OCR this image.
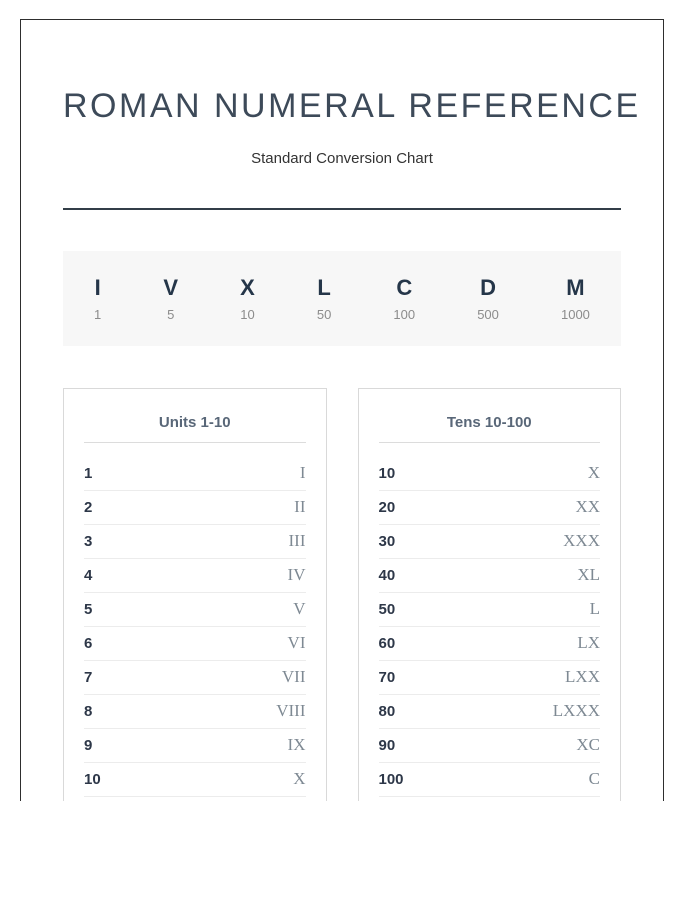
ROMAN NUMERAL REFERENCE
Standard Conversion Chart
I
1
V
5
X
10
L
50
C
100
D
500
M
1000
Units 1-10
1	I
2	II
3	III
4	IV
5	V
6	VI
7	VII
8	VIII
9	IX
10	X
Tens 10-100
10	X
20	XX
30	XXX
40	XL
50	L
60	LX
70	LXX
80	LXXX
90	XC
100	C
